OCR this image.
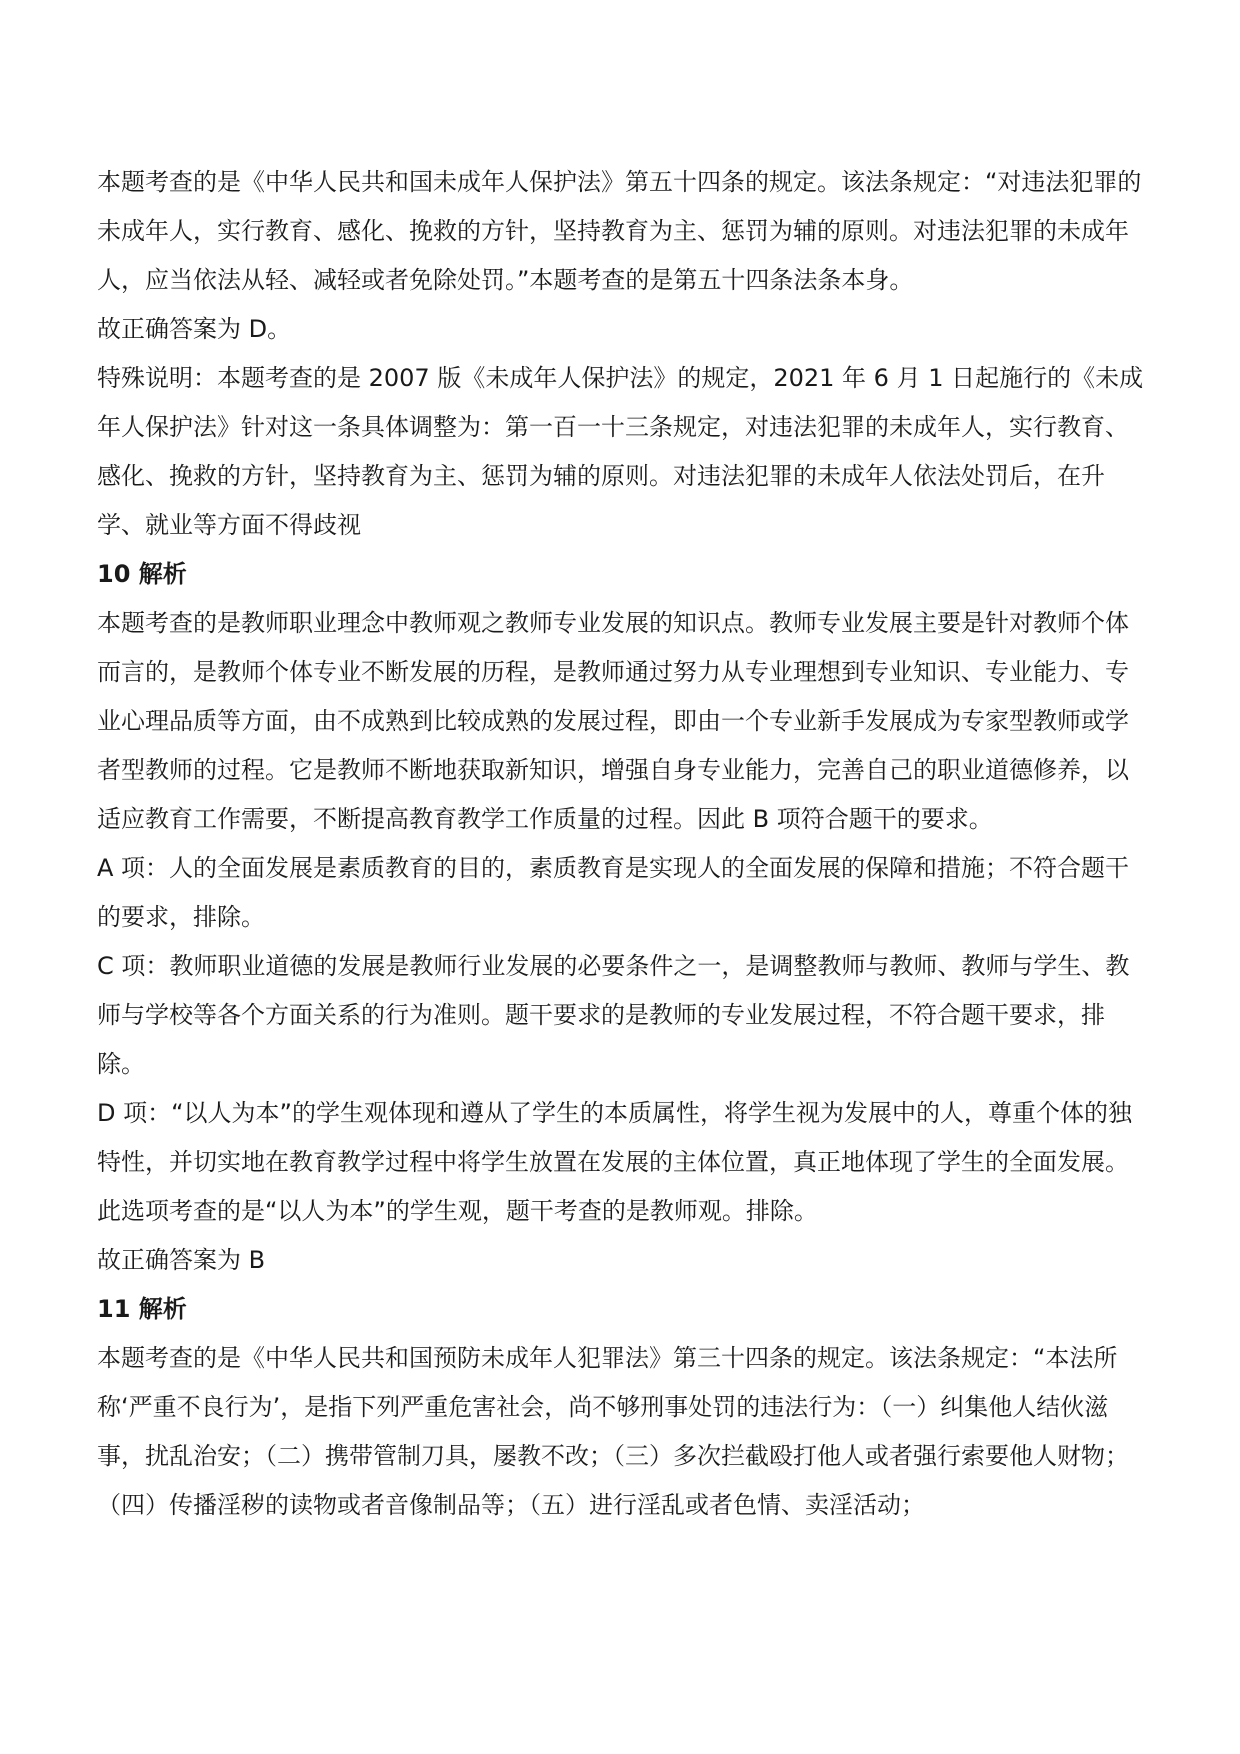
本题考查的是《中华人民共和国未成年人保护法》第五十四条的规定。该法条规定：“对违法犯罪的未成年人，实行教育、感化、挽救的方针，坚持教育为主、惩罚为辅的原则。对违法犯罪的未成年人，应当依法从轻、减轻或者免除处罚。”本题考查的是第五十四条法条本身。

故正确答案为 D。

特殊说明：本题考查的是 2007 版《未成年人保护法》的规定，2021 年 6 月 1 日起施行的《未成年人保护法》针对这一条具体调整为：第一百一十三条规定，对违法犯罪的未成年人，实行教育、感化、挽救的方针，坚持教育为主、惩罚为辅的原则。对违法犯罪的未成年人依法处罚后，在升学、就业等方面不得歧视

10 解析

本题考查的是教师职业理念中教师观之教师专业发展的知识点。教师专业发展主要是针对教师个体而言的，是教师个体专业不断发展的历程，是教师通过努力从专业理想到专业知识、专业能力、专业心理品质等方面，由不成熟到比较成熟的发展过程，即由一个专业新手发展成为专家型教师或学者型教师的过程。它是教师不断地获取新知识，增强自身专业能力，完善自己的职业道德修养，以适应教育工作需要，不断提高教育教学工作质量的过程。因此 B 项符合题干的要求。

A 项：人的全面发展是素质教育的目的，素质教育是实现人的全面发展的保障和措施；不符合题干的要求，排除。

C 项：教师职业道德的发展是教师行业发展的必要条件之一，是调整教师与教师、教师与学生、教师与学校等各个方面关系的行为准则。题干要求的是教师的专业发展过程，不符合题干要求，排除。

D 项：“以人为本”的学生观体现和遵从了学生的本质属性，将学生视为发展中的人，尊重个体的独特性，并切实地在教育教学过程中将学生放置在发展的主体位置，真正地体现了学生的全面发展。此选项考查的是“以人为本”的学生观，题干考查的是教师观。排除。

故正确答案为 B

11 解析

本题考查的是《中华人民共和国预防未成年人犯罪法》第三十四条的规定。该法条规定：“本法所称‘严重不良行为’，是指下列严重危害社会，尚不够刑事处罚的违法行为：（一）纠集他人结伙滋事，扰乱治安；（二）携带管制刀具，屡教不改；（三）多次拦截殴打他人或者强行索要他人财物；（四）传播淫秽的读物或者音像制品等；（五）进行淫乱或者色情、卖淫活动；
